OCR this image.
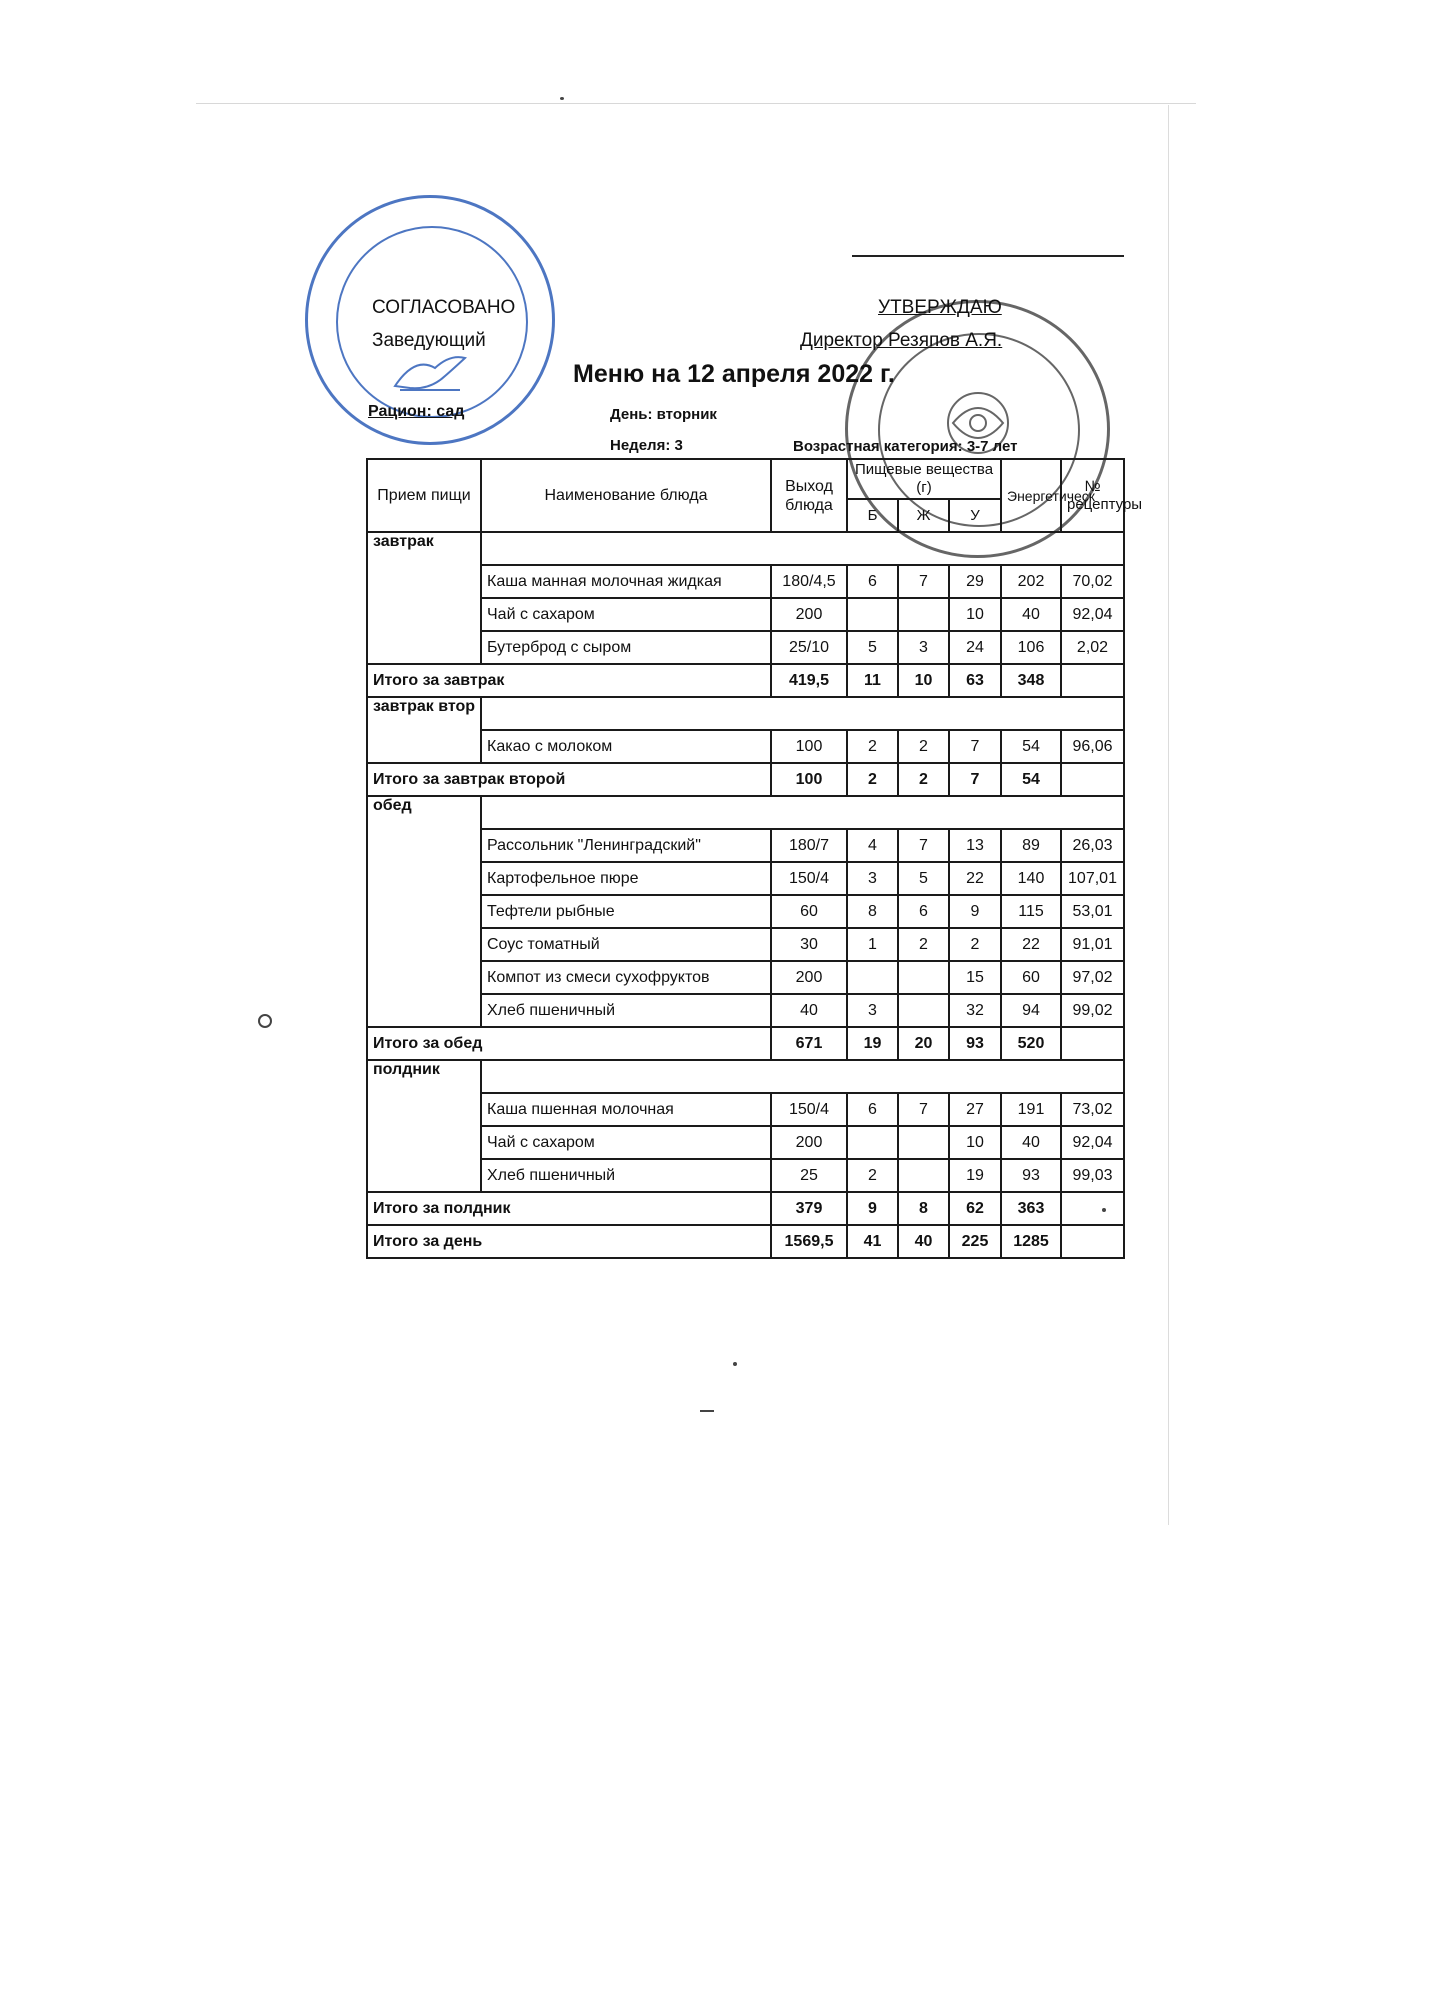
СОГЛАСОВАНО
Заведующий
УТВЕРЖДАЮ
Директор Резяпов А.Я.
Меню на 12 апреля 2022 г.
Рацион: сад	День: вторник
Неделя: 3	Возрастная категория: 3-7 лет
Прием пищи	Наименование блюда	Выход блюда	Пищевые вещества (г)			Энергетическ	№ рецептуры
			Б	Ж	У		
завтрак							
	Каша манная молочная жидкая	180/4,5	6	7	29	202	70,02
	Чай с сахаром	200			10	40	92,04
	Бутерброд с сыром	25/10	5	3	24	106	2,02
Итого за завтрак		419,5	11	10	63	348	
завтрак втор							
	Какао с молоком	100	2	2	7	54	96,06
Итого за завтрак второй		100	2	2	7	54	
обед							
	Рассольник "Ленинградский"	180/7	4	7	13	89	26,03
	Картофельное пюре	150/4	3	5	22	140	107,01
	Тефтели рыбные	60	8	6	9	115	53,01
	Соус томатный	30	1	2	2	22	91,01
	Компот из смеси сухофруктов	200			15	60	97,02
	Хлеб пшеничный	40	3		32	94	99,02
Итого за обед		671	19	20	93	520	
полдник							
	Каша пшенная молочная	150/4	6	7	27	191	73,02
	Чай с сахаром	200			10	40	92,04
	Хлеб пшеничный	25	2		19	93	99,03
Итого за полдник		379	9	8	62	363	
Итого за день		1569,5	41	40	225	1285	
